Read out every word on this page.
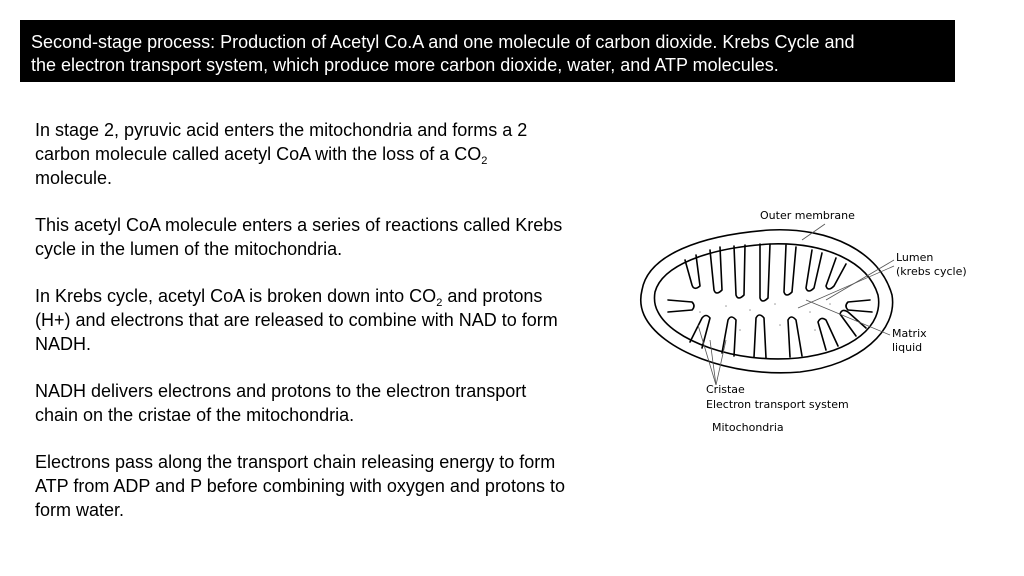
Second-stage process: Production of Acetyl Co.A and one molecule of carbon dioxide. Krebs Cycle and
the electron transport system, which produce more carbon dioxide, water, and ATP molecules.
In stage 2, pyruvic acid enters the mitochondria and forms a 2
carbon molecule called acetyl CoA with the loss of a $CO_2$
molecule.
This acetyl CoA molecule enters a series of reactions called Krebs
cycle in the lumen of the mitochondria.
In Krebs cycle, acetyl CoA is broken down into $CO_2$ and protons
(H+) and electrons that are released to combine with NAD to form
NADH.
NADH delivers electrons and protons to the electron transport
chain on the cristae of the mitochondria.
Electrons pass along the transport chain releasing energy to form
ATP from ADP and P before combining with oxygen and protons to
form water.
Outer membrane
Lumen
(krebs cycle)
Matrix
liquid
Cristae
Electron transport system
Mitochondria
